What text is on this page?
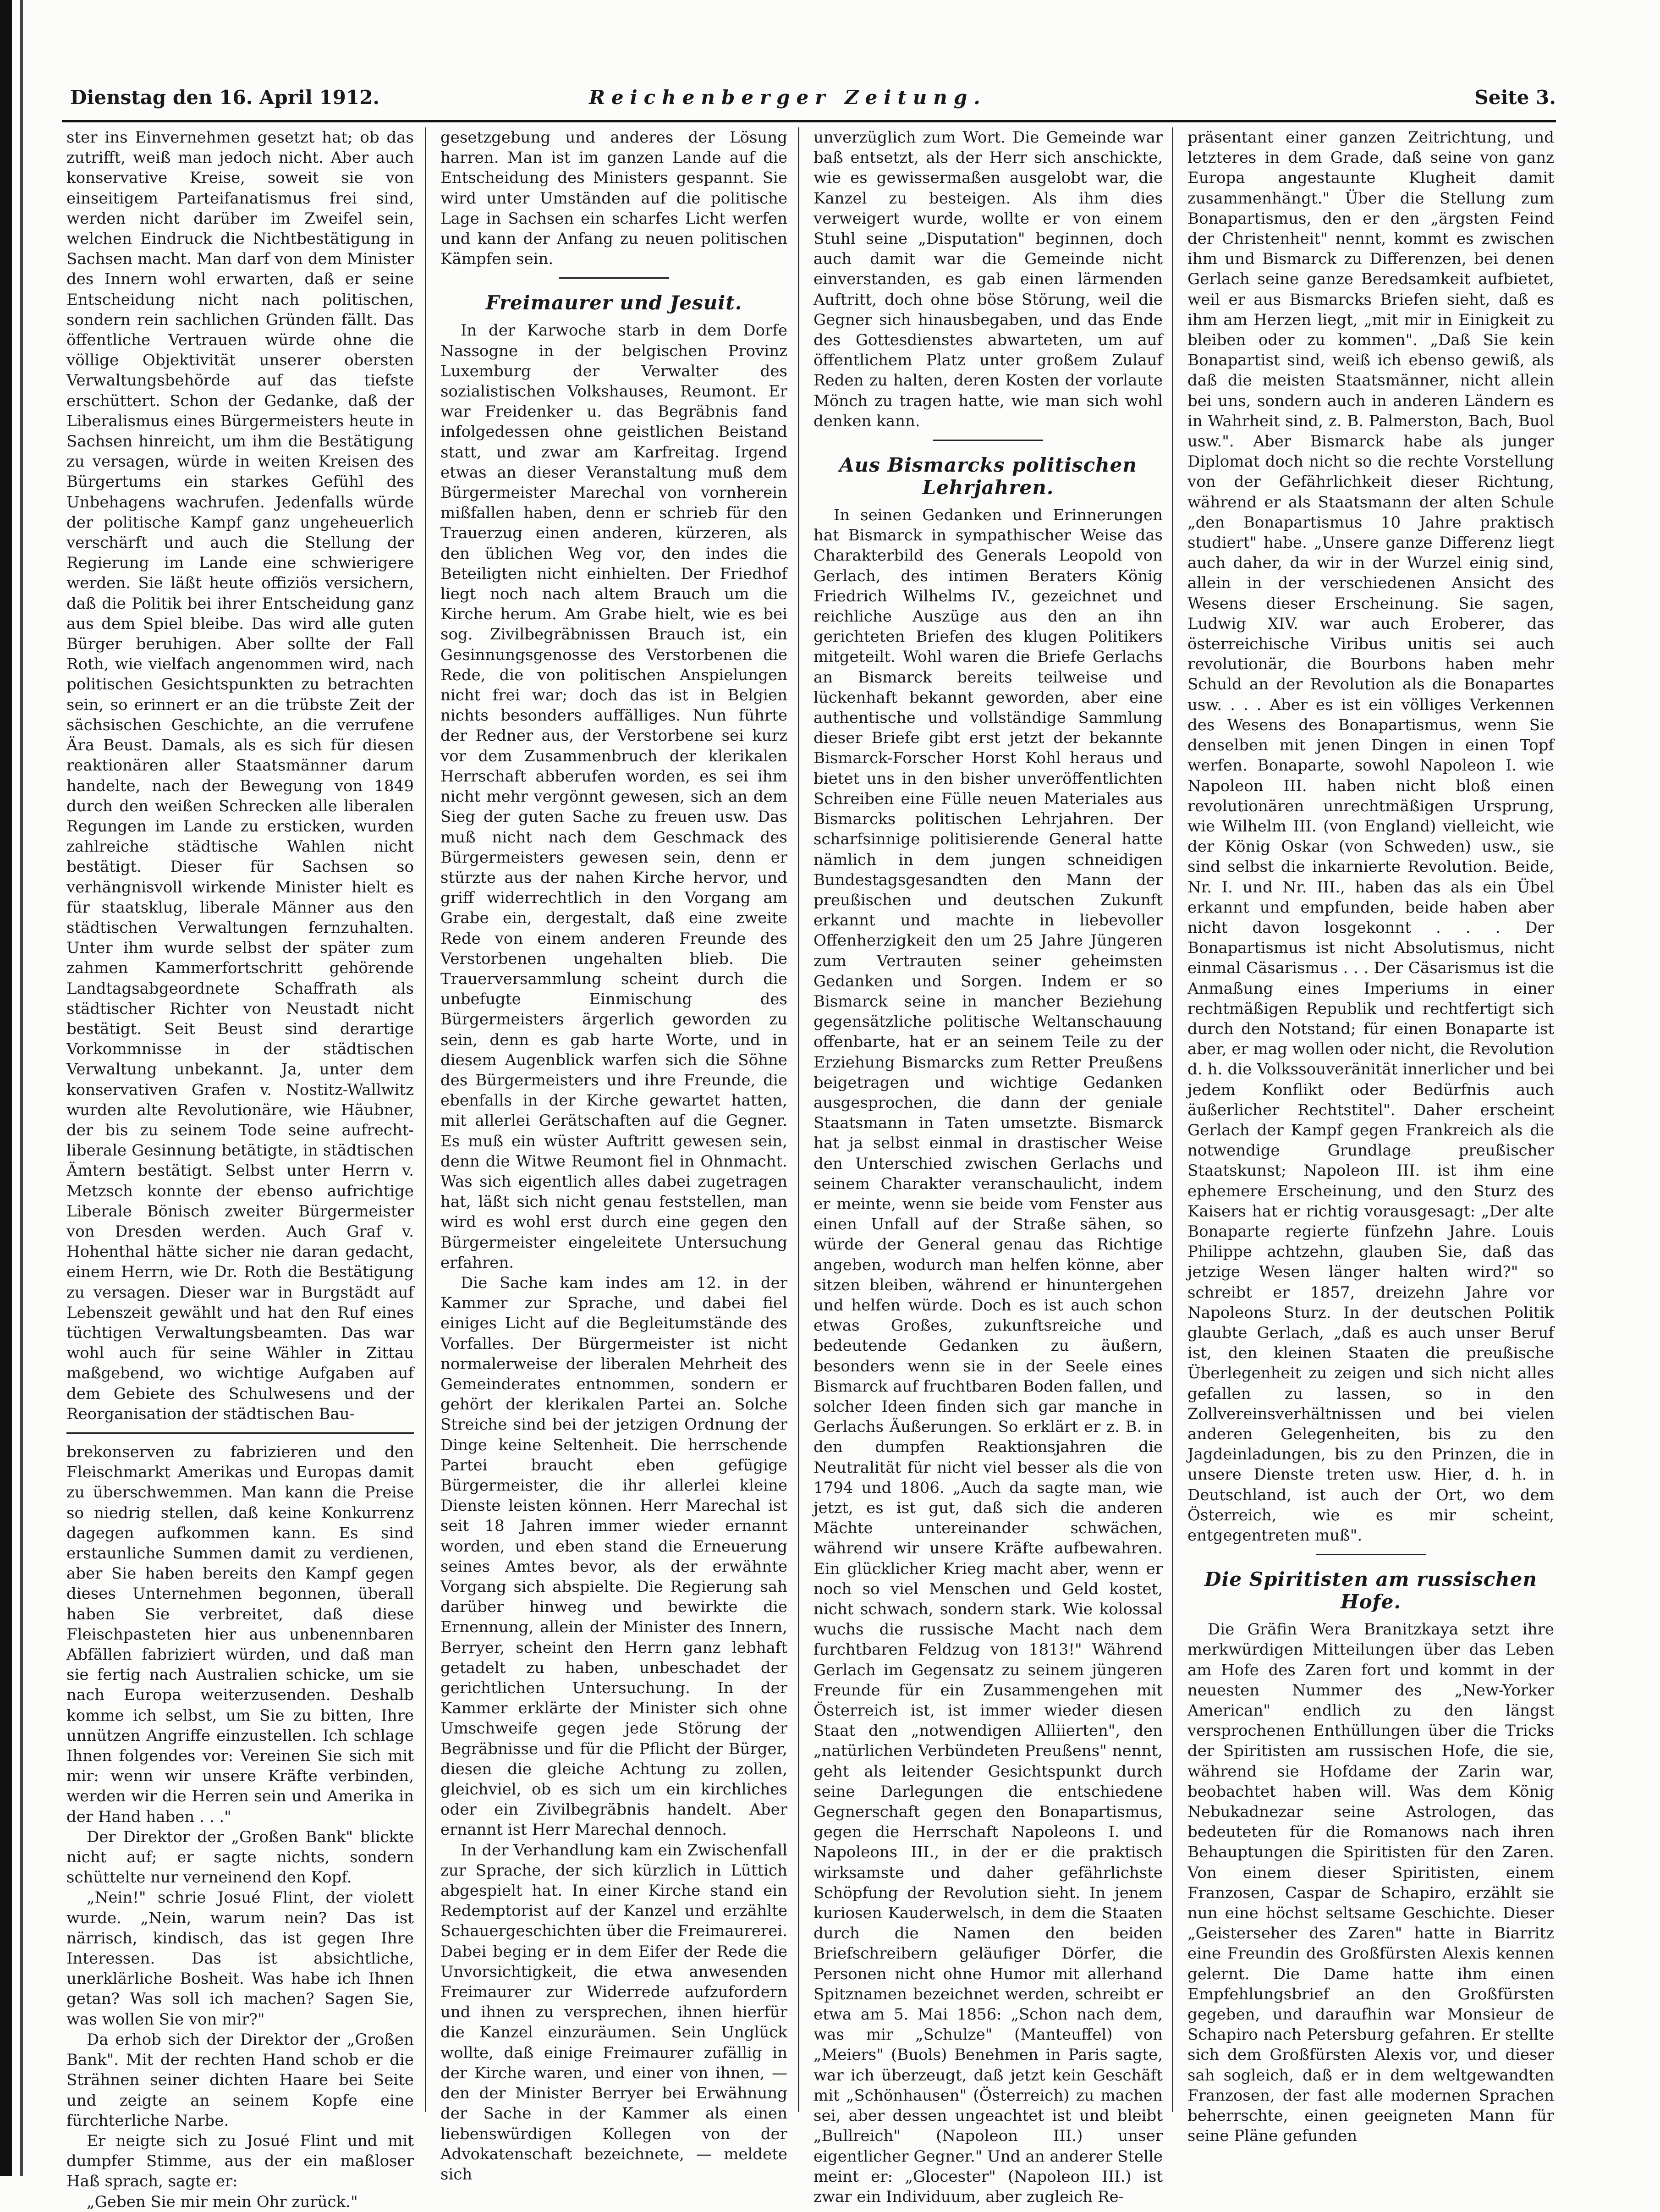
Dienstag den 16. April 1912.	Reichenberger Zeitung.	Seite 3.

ster ins Einvernehmen gesetzt hat; ob das zutrifft, weiß man jedoch nicht. Aber auch konservative Kreise, soweit sie von einseitigem Parteifanatismus frei sind, werden nicht darüber im Zweifel sein, welchen Eindruck die Nichtbestätigung in Sachsen macht. Man darf von dem Minister des Innern wohl erwarten, daß er seine Entscheidung nicht nach politischen, sondern rein sachlichen Gründen fällt. Das öffentliche Vertrauen würde ohne die völlige Objektivität unserer obersten Verwaltungsbehörde auf das tiefste erschüttert. Schon der Gedanke, daß der Liberalismus eines Bürgermeisters heute in Sachsen hinreicht, um ihm die Bestätigung zu versagen, würde in weiten Kreisen des Bürgertums ein starkes Gefühl des Unbehagens wachrufen. Jedenfalls würde der politische Kampf ganz ungeheuerlich verschärft und auch die Stellung der Regierung im Lande eine schwierigere werden. Sie läßt heute offiziös versichern, daß die Politik bei ihrer Entscheidung ganz aus dem Spiel bleibe. Das wird alle guten Bürger beruhigen. Aber sollte der Fall Roth, wie vielfach angenommen wird, nach politischen Gesichtspunkten zu betrachten sein, so erinnert er an die trübste Zeit der sächsischen Geschichte, an die verrufene Ära Beust. Damals, als es sich für diesen reaktionären aller Staatsmänner darum handelte, nach der Bewegung von 1849 durch den weißen Schrecken alle liberalen Regungen im Lande zu ersticken, wurden zahlreiche städtische Wahlen nicht bestätigt. Dieser für Sachsen so verhängnisvoll wirkende Minister hielt es für staatsklug, liberale Männer aus den städtischen Verwaltungen fernzuhalten. Unter ihm wurde selbst der später zum zahmen Kammerfortschritt gehörende Landtagsabgeordnete Schaffrath als städtischer Richter von Neustadt nicht bestätigt. Seit Beust sind derartige Vorkommnisse in der städtischen Verwaltung unbekannt. Ja, unter dem konservativen Grafen v. Nostitz-Wallwitz wurden alte Revolutionäre, wie Häubner, der bis zu seinem Tode seine aufrecht-liberale Gesinnung betätigte, in städtischen Ämtern bestätigt. Selbst unter Herrn v. Metzsch konnte der ebenso aufrichtige Liberale Bönisch zweiter Bürgermeister von Dresden werden. Auch Graf v. Hohenthal hätte sicher nie daran gedacht, einem Herrn, wie Dr. Roth die Bestätigung zu versagen. Dieser war in Burgstädt auf Lebenszeit gewählt und hat den Ruf eines tüchtigen Verwaltungsbeamten. Das war wohl auch für seine Wähler in Zittau maßgebend, wo wichtige Aufgaben auf dem Gebiete des Schulwesens und der Reorganisation der städtischen Bau-

brekonserven zu fabrizieren und den Fleischmarkt Amerikas und Europas damit zu überschwemmen. Man kann die Preise so niedrig stellen, daß keine Konkurrenz dagegen aufkommen kann. Es sind erstaunliche Summen damit zu verdienen, aber Sie haben bereits den Kampf gegen dieses Unternehmen begonnen, überall haben Sie verbreitet, daß diese Fleischpasteten hier aus unbenennbaren Abfällen fabriziert würden, und daß man sie fertig nach Australien schicke, um sie nach Europa weiterzusenden. Deshalb komme ich selbst, um Sie zu bitten, Ihre unnützen Angriffe einzustellen. Ich schlage Ihnen folgendes vor: Vereinen Sie sich mit mir: wenn wir unsere Kräfte verbinden, werden wir die Herren sein und Amerika in der Hand haben . . ."

Der Direktor der „Großen Bank" blickte nicht auf; er sagte nichts, sondern schüttelte nur verneinend den Kopf.

„Nein!" schrie Josué Flint, der violett wurde. „Nein, warum nein? Das ist närrisch, kindisch, das ist gegen Ihre Interessen. Das ist absichtliche, unerklärliche Bosheit. Was habe ich Ihnen getan? Was soll ich machen? Sagen Sie, was wollen Sie von mir?"

Da erhob sich der Direktor der „Großen Bank". Mit der rechten Hand schob er die Strähnen seiner dichten Haare bei Seite und zeigte an seinem Kopfe eine fürchterliche Narbe.

Er neigte sich zu Josué Flint und mit dumpfer Stimme, aus der ein maßloser Haß sprach, sagte er:

„Geben Sie mir mein Ohr zurück."

gesetzgebung und anderes der Lösung harren. Man ist im ganzen Lande auf die Entscheidung des Ministers gespannt. Sie wird unter Umständen auf die politische Lage in Sachsen ein scharfes Licht werfen und kann der Anfang zu neuen politischen Kämpfen sein.

Freimaurer und Jesuit.

In der Karwoche starb in dem Dorfe Nassogne in der belgischen Provinz Luxemburg der Verwalter des sozialistischen Volkshauses, Reumont. Er war Freidenker u. das Begräbnis fand infolgedessen ohne geistlichen Beistand statt, und zwar am Karfreitag. Irgend etwas an dieser Veranstaltung muß dem Bürgermeister Marechal von vornherein mißfallen haben, denn er schrieb für den Trauerzug einen anderen, kürzeren, als den üblichen Weg vor, den indes die Beteiligten nicht einhielten. Der Friedhof liegt noch nach altem Brauch um die Kirche herum. Am Grabe hielt, wie es bei sog. Zivilbegräbnissen Brauch ist, ein Gesinnungsgenosse des Verstorbenen die Rede, die von politischen Anspielungen nicht frei war; doch das ist in Belgien nichts besonders auffälliges. Nun führte der Redner aus, der Verstorbene sei kurz vor dem Zusammenbruch der klerikalen Herrschaft abberufen worden, es sei ihm nicht mehr vergönnt gewesen, sich an dem Sieg der guten Sache zu freuen usw. Das muß nicht nach dem Geschmack des Bürgermeisters gewesen sein, denn er stürzte aus der nahen Kirche hervor, und griff widerrechtlich in den Vorgang am Grabe ein, dergestalt, daß eine zweite Rede von einem anderen Freunde des Verstorbenen ungehalten blieb. Die Trauerversammlung scheint durch die unbefugte Einmischung des Bürgermeisters ärgerlich geworden zu sein, denn es gab harte Worte, und in diesem Augenblick warfen sich die Söhne des Bürgermeisters und ihre Freunde, die ebenfalls in der Kirche gewartet hatten, mit allerlei Gerätschaften auf die Gegner. Es muß ein wüster Auftritt gewesen sein, denn die Witwe Reumont fiel in Ohnmacht. Was sich eigentlich alles dabei zugetragen hat, läßt sich nicht genau feststellen, man wird es wohl erst durch eine gegen den Bürgermeister eingeleitete Untersuchung erfahren.

Die Sache kam indes am 12. in der Kammer zur Sprache, und dabei fiel einiges Licht auf die Begleitumstände des Vorfalles. Der Bürgermeister ist nicht normalerweise der liberalen Mehrheit des Gemeinderates entnommen, sondern er gehört der klerikalen Partei an. Solche Streiche sind bei der jetzigen Ordnung der Dinge keine Seltenheit. Die herrschende Partei braucht eben gefügige Bürgermeister, die ihr allerlei kleine Dienste leisten können. Herr Marechal ist seit 18 Jahren immer wieder ernannt worden, und eben stand die Erneuerung seines Amtes bevor, als der erwähnte Vorgang sich abspielte. Die Regierung sah darüber hinweg und bewirkte die Ernennung, allein der Minister des Innern, Berryer, scheint den Herrn ganz lebhaft getadelt zu haben, unbeschadet der gerichtlichen Untersuchung. In der Kammer erklärte der Minister sich ohne Umschweife gegen jede Störung der Begräbnisse und für die Pflicht der Bürger, diesen die gleiche Achtung zu zollen, gleichviel, ob es sich um ein kirchliches oder ein Zivilbegräbnis handelt. Aber ernannt ist Herr Marechal dennoch.

In der Verhandlung kam ein Zwischenfall zur Sprache, der sich kürzlich in Lüttich abgespielt hat. In einer Kirche stand ein Redemptorist auf der Kanzel und erzählte Schauergeschichten über die Freimaurerei. Dabei beging er in dem Eifer der Rede die Unvorsichtigkeit, die etwa anwesenden Freimaurer zur Widerrede aufzufordern und ihnen zu versprechen, ihnen hierfür die Kanzel einzuräumen. Sein Unglück wollte, daß einige Freimaurer zufällig in der Kirche waren, und einer von ihnen, — den der Minister Berryer bei Erwähnung der Sache in der Kammer als einen liebenswürdigen Kollegen von der Advokatenschaft bezeichnete, — meldete sich

unverzüglich zum Wort. Die Gemeinde war baß entsetzt, als der Herr sich anschickte, wie es gewissermaßen ausgelobt war, die Kanzel zu besteigen. Als ihm dies verweigert wurde, wollte er von einem Stuhl seine „Disputation" beginnen, doch auch damit war die Gemeinde nicht einverstanden, es gab einen lärmenden Auftritt, doch ohne böse Störung, weil die Gegner sich hinausbegaben, und das Ende des Gottesdienstes abwarteten, um auf öffentlichem Platz unter großem Zulauf Reden zu halten, deren Kosten der vorlaute Mönch zu tragen hatte, wie man sich wohl denken kann.

Aus Bismarcks politischen Lehrjahren.

In seinen Gedanken und Erinnerungen hat Bismarck in sympathischer Weise das Charakterbild des Generals Leopold von Gerlach, des intimen Beraters König Friedrich Wilhelms IV., gezeichnet und reichliche Auszüge aus den an ihn gerichteten Briefen des klugen Politikers mitgeteilt. Wohl waren die Briefe Gerlachs an Bismarck bereits teilweise und lückenhaft bekannt geworden, aber eine authentische und vollständige Sammlung dieser Briefe gibt erst jetzt der bekannte Bismarck-Forscher Horst Kohl heraus und bietet uns in den bisher unveröffentlichten Schreiben eine Fülle neuen Materiales aus Bismarcks politischen Lehrjahren. Der scharfsinnige politisierende General hatte nämlich in dem jungen schneidigen Bundestagsgesandten den Mann der preußischen und deutschen Zukunft erkannt und machte in liebevoller Offenherzigkeit den um 25 Jahre Jüngeren zum Vertrauten seiner geheimsten Gedanken und Sorgen. Indem er so Bismarck seine in mancher Beziehung gegensätzliche politische Weltanschauung offenbarte, hat er an seinem Teile zu der Erziehung Bismarcks zum Retter Preußens beigetragen und wichtige Gedanken ausgesprochen, die dann der geniale Staatsmann in Taten umsetzte. Bismarck hat ja selbst einmal in drastischer Weise den Unterschied zwischen Gerlachs und seinem Charakter veranschaulicht, indem er meinte, wenn sie beide vom Fenster aus einen Unfall auf der Straße sähen, so würde der General genau das Richtige angeben, wodurch man helfen könne, aber sitzen bleiben, während er hinuntergehen und helfen würde. Doch es ist auch schon etwas Großes, zukunftsreiche und bedeutende Gedanken zu äußern, besonders wenn sie in der Seele eines Bismarck auf fruchtbaren Boden fallen, und solcher Ideen finden sich gar manche in Gerlachs Äußerungen. So erklärt er z. B. in den dumpfen Reaktionsjahren die Neutralität für nicht viel besser als die von 1794 und 1806. „Auch da sagte man, wie jetzt, es ist gut, daß sich die anderen Mächte untereinander schwächen, während wir unsere Kräfte aufbewahren. Ein glücklicher Krieg macht aber, wenn er noch so viel Menschen und Geld kostet, nicht schwach, sondern stark. Wie kolossal wuchs die russische Macht nach dem furchtbaren Feldzug von 1813!" Während Gerlach im Gegensatz zu seinem jüngeren Freunde für ein Zusammengehen mit Österreich ist, ist immer wieder diesen Staat den „notwendigen Alliierten", den „natürlichen Verbündeten Preußens" nennt, geht als leitender Gesichtspunkt durch seine Darlegungen die entschiedene Gegnerschaft gegen den Bonapartismus, gegen die Herrschaft Napoleons I. und Napoleons III., in der er die praktisch wirksamste und daher gefährlichste Schöpfung der Revolution sieht. In jenem kuriosen Kauderwelsch, in dem die Staaten durch die Namen den beiden Briefschreibern geläufiger Dörfer, die Personen nicht ohne Humor mit allerhand Spitznamen bezeichnet werden, schreibt er etwa am 5. Mai 1856: „Schon nach dem, was mir „Schulze" (Manteuffel) von „Meiers" (Buols) Benehmen in Paris sagte, war ich überzeugt, daß jetzt kein Geschäft mit „Schönhausen" (Österreich) zu machen sei, aber dessen ungeachtet ist und bleibt „Bullreich" (Napoleon III.) unser eigentlicher Gegner." Und an anderer Stelle meint er: „Glocester" (Napoleon III.) ist zwar ein Individuum, aber zugleich Re-

präsentant einer ganzen Zeitrichtung, und letzteres in dem Grade, daß seine von ganz Europa angestaunte Klugheit damit zusammenhängt." Über die Stellung zum Bonapartismus, den er den „ärgsten Feind der Christenheit" nennt, kommt es zwischen ihm und Bismarck zu Differenzen, bei denen Gerlach seine ganze Beredsamkeit aufbietet, weil er aus Bismarcks Briefen sieht, daß es ihm am Herzen liegt, „mit mir in Einigkeit zu bleiben oder zu kommen". „Daß Sie kein Bonapartist sind, weiß ich ebenso gewiß, als daß die meisten Staatsmänner, nicht allein bei uns, sondern auch in anderen Ländern es in Wahrheit sind, z. B. Palmerston, Bach, Buol usw.". Aber Bismarck habe als junger Diplomat doch nicht so die rechte Vorstellung von der Gefährlichkeit dieser Richtung, während er als Staatsmann der alten Schule „den Bonapartismus 10 Jahre praktisch studiert" habe. „Unsere ganze Differenz liegt auch daher, da wir in der Wurzel einig sind, allein in der verschiedenen Ansicht des Wesens dieser Erscheinung. Sie sagen, Ludwig XIV. war auch Eroberer, das österreichische Viribus unitis sei auch revolutionär, die Bourbons haben mehr Schuld an der Revolution als die Bonapartes usw. . . . Aber es ist ein völliges Verkennen des Wesens des Bonapartismus, wenn Sie denselben mit jenen Dingen in einen Topf werfen. Bonaparte, sowohl Napoleon I. wie Napoleon III. haben nicht bloß einen revolutionären unrechtmäßigen Ursprung, wie Wilhelm III. (von England) vielleicht, wie der König Oskar (von Schweden) usw., sie sind selbst die inkarnierte Revolution. Beide, Nr. I. und Nr. III., haben das als ein Übel erkannt und empfunden, beide haben aber nicht davon losgekonnt . . . Der Bonapartismus ist nicht Absolutismus, nicht einmal Cäsarismus . . . Der Cäsarismus ist die Anmaßung eines Imperiums in einer rechtmäßigen Republik und rechtfertigt sich durch den Notstand; für einen Bonaparte ist aber, er mag wollen oder nicht, die Revolution d. h. die Volkssouveränität innerlicher und bei jedem Konflikt oder Bedürfnis auch äußerlicher Rechtstitel". Daher erscheint Gerlach der Kampf gegen Frankreich als die notwendige Grundlage preußischer Staatskunst; Napoleon III. ist ihm eine ephemere Erscheinung, und den Sturz des Kaisers hat er richtig vorausgesagt: „Der alte Bonaparte regierte fünfzehn Jahre. Louis Philippe achtzehn, glauben Sie, daß das jetzige Wesen länger halten wird?" so schreibt er 1857, dreizehn Jahre vor Napoleons Sturz. In der deutschen Politik glaubte Gerlach, „daß es auch unser Beruf ist, den kleinen Staaten die preußische Überlegenheit zu zeigen und sich nicht alles gefallen zu lassen, so in den Zollvereinsverhältnissen und bei vielen anderen Gelegenheiten, bis zu den Jagdeinladungen, bis zu den Prinzen, die in unsere Dienste treten usw. Hier, d. h. in Deutschland, ist auch der Ort, wo dem Österreich, wie es mir scheint, entgegentreten muß".

Die Spiritisten am russischen Hofe.

Die Gräfin Wera Branitzkaya setzt ihre merkwürdigen Mitteilungen über das Leben am Hofe des Zaren fort und kommt in der neuesten Nummer des „New-Yorker American" endlich zu den längst versprochenen Enthüllungen über die Tricks der Spiritisten am russischen Hofe, die sie, während sie Hofdame der Zarin war, beobachtet haben will. Was dem König Nebukadnezar seine Astrologen, das bedeuteten für die Romanows nach ihren Behauptungen die Spiritisten für den Zaren. Von einem dieser Spiritisten, einem Franzosen, Caspar de Schapiro, erzählt sie nun eine höchst seltsame Geschichte. Dieser „Geisterseher des Zaren" hatte in Biarritz eine Freundin des Großfürsten Alexis kennen gelernt. Die Dame hatte ihm einen Empfehlungsbrief an den Großfürsten gegeben, und daraufhin war Monsieur de Schapiro nach Petersburg gefahren. Er stellte sich dem Großfürsten Alexis vor, und dieser sah sogleich, daß er in dem weltgewandten Franzosen, der fast alle modernen Sprachen beherrschte, einen geeigneten Mann für seine Pläne gefunden
